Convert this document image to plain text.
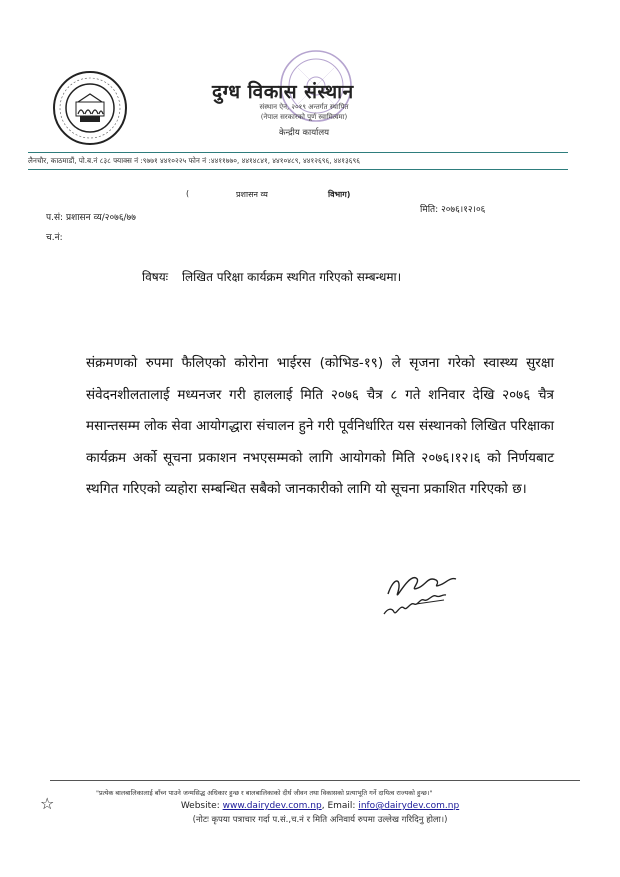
दुग्ध विकास संस्थान
संस्थान ऐन, २०१९ अन्तर्गत स्थापित
(नेपाल सरकारको पूर्ण स्वामित्वमा)
केन्द्रीय कार्यालय
लैनचौर, काठमाडौं, पो.ब.नं ८३८ फ्याक्स नं :९७७१ ४४१०२२५ फोन नं :४४११७७०, ४४१४८४१, ४४१०४८९, ४४१२६९६, ४४१३६९६
(	प्रशासन व्य	विभाग)
प.सं: प्रशासन व्य/२०७६/७७
च.नं:
मिति: २०७६।१२।०६
विषयः लिखित परिक्षा कार्यक्रम स्थगित गरिएको सम्बन्धमा।
संक्रमणको रुपमा फैलिएको कोरोना भाईरस (कोभिड-१९) ले सृजना गरेको स्वास्थ्य सुरक्षा संवेदनशीलतालाई मध्यनजर गरी हाललाई मिति २०७६ चैत्र ८ गते शनिवार देखि २०७६ चैत्र मसान्तसम्म लोक सेवा आयोगद्धारा संचालन हुने गरी पूर्वनिर्धारित यस संस्थानको लिखित परिक्षाका कार्यक्रम अर्को सूचना प्रकाशन नभएसम्मको लागि आयोगको मिति २०७६।१२।६ को निर्णयबाट स्थगित गरिएको व्यहोरा सम्बन्धित सबैको जानकारीको लागि यो सूचना प्रकाशित गरिएको छ।
☆
"प्रत्येक बालबालिकालाई बाँच्न पाउने जन्मसिद्ध अधिकार हुन्छ र बालबालिकाको दीर्घ जीवन तथा विकासको प्रत्याभूति गर्ने दायित्व राज्यको हुन्छ।"
Website: www.dairydev.com.np, Email: info@dairydev.com.np
(नोटः कृपया पत्राचार गर्दा प.सं.,च.नं र मिति अनिवार्य रुपमा उल्लेख गरिदिनु होला।)
